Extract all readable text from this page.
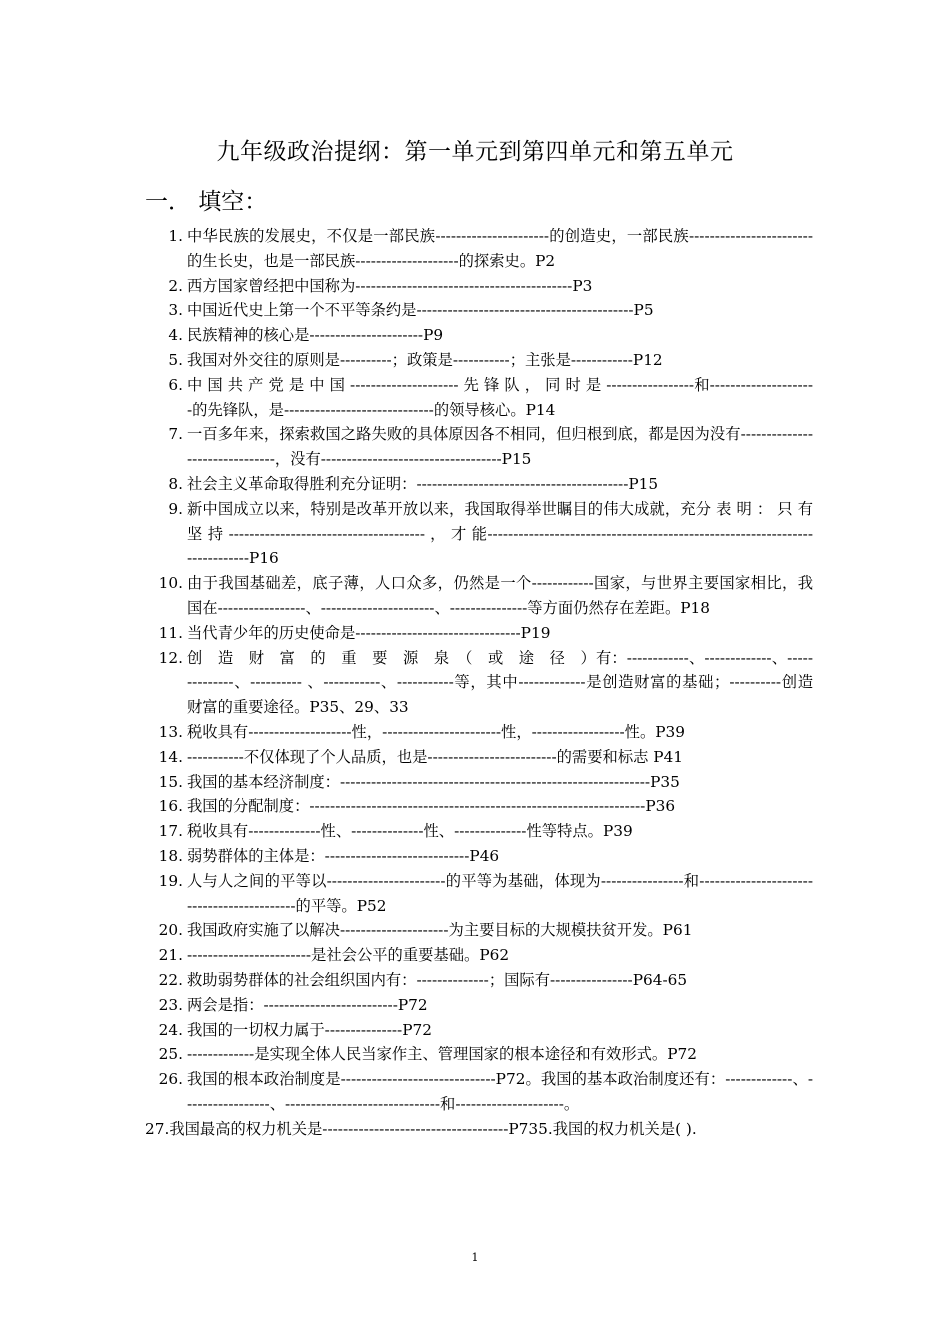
九年级政治提纲：第一单元到第四单元和第五单元
一． 填空：
1. 中华民族的发展史，不仅是一部民族----------------------的创造史，一部民族------------------------的生长史，也是一部民族--------------------的探索史。P2
2. 西方国家曾经把中国称为------------------------------------------P3
3. 中国近代史上第一个不平等条约是------------------------------------------P5
4. 民族精神的核心是----------------------P9
5. 我国对外交往的原则是----------；政策是-----------；主张是------------P12
6. 中 国 共 产 党 是 中 国 --------------------- 先 锋 队 ， 同 时 是 -----------------和---------------------的先锋队，是-----------------------------的领导核心。P14
7. 一百多年来，探索救国之路失败的具体原因各不相同，但归根到底，都是因为没有-------------------------------，没有-----------------------------------P15
8. 社会主义革命取得胜利充分证明：-----------------------------------------P15
9. 新中国成立以来，特别是改革开放以来，我国取得举世瞩目的伟大成就，充分 表 明 ： 只 有 坚 持 -------------------------------------- ， 才 能---------------------------------------------------------------------------P16
10. 由于我国基础差，底子薄，人口众多，仍然是一个------------国家，与世界主要国家相比，我国在-----------------、----------------------、---------------等方面仍然存在差距。P18
11. 当代青少年的历史使命是--------------------------------P19
12. 创　造　财　富　的　重　要　源　泉　（　或　途　径　）有：------------、-------------、--------------、---------- 、-----------、-----------等，其中-------------是创造财富的基础；----------创造财富的重要途径。P35、29、33
13. 税收具有--------------------性，-----------------------性，------------------性。P39
14. -----------不仅体现了个人品质，也是-------------------------的需要和标志 P41
15. 我国的基本经济制度：------------------------------------------------------------P35
16. 我国的分配制度：-----------------------------------------------------------------P36
17. 税收具有--------------性、--------------性、--------------性等特点。P39
18. 弱势群体的主体是：----------------------------P46
19. 人与人之间的平等以-----------------------的平等为基础，体现为----------------和-------------------------------------------的平等。P52
20. 我国政府实施了以解决---------------------为主要目标的大规模扶贫开发。P61
21. ------------------------是社会公平的重要基础。P62
22. 救助弱势群体的社会组织国内有：--------------；国际有----------------P64-65
23. 两会是指：--------------------------P72
24. 我国的一切权力属于---------------P72
25. -------------是实现全体人民当家作主、管理国家的根本途径和有效形式。P72
26. 我国的根本政治制度是------------------------------P72。我国的基本政治制度还有：-------------、-----------------、------------------------------和---------------------。
27.我国最高的权力机关是------------------------------------P735.我国的权力机关是( ).
1
